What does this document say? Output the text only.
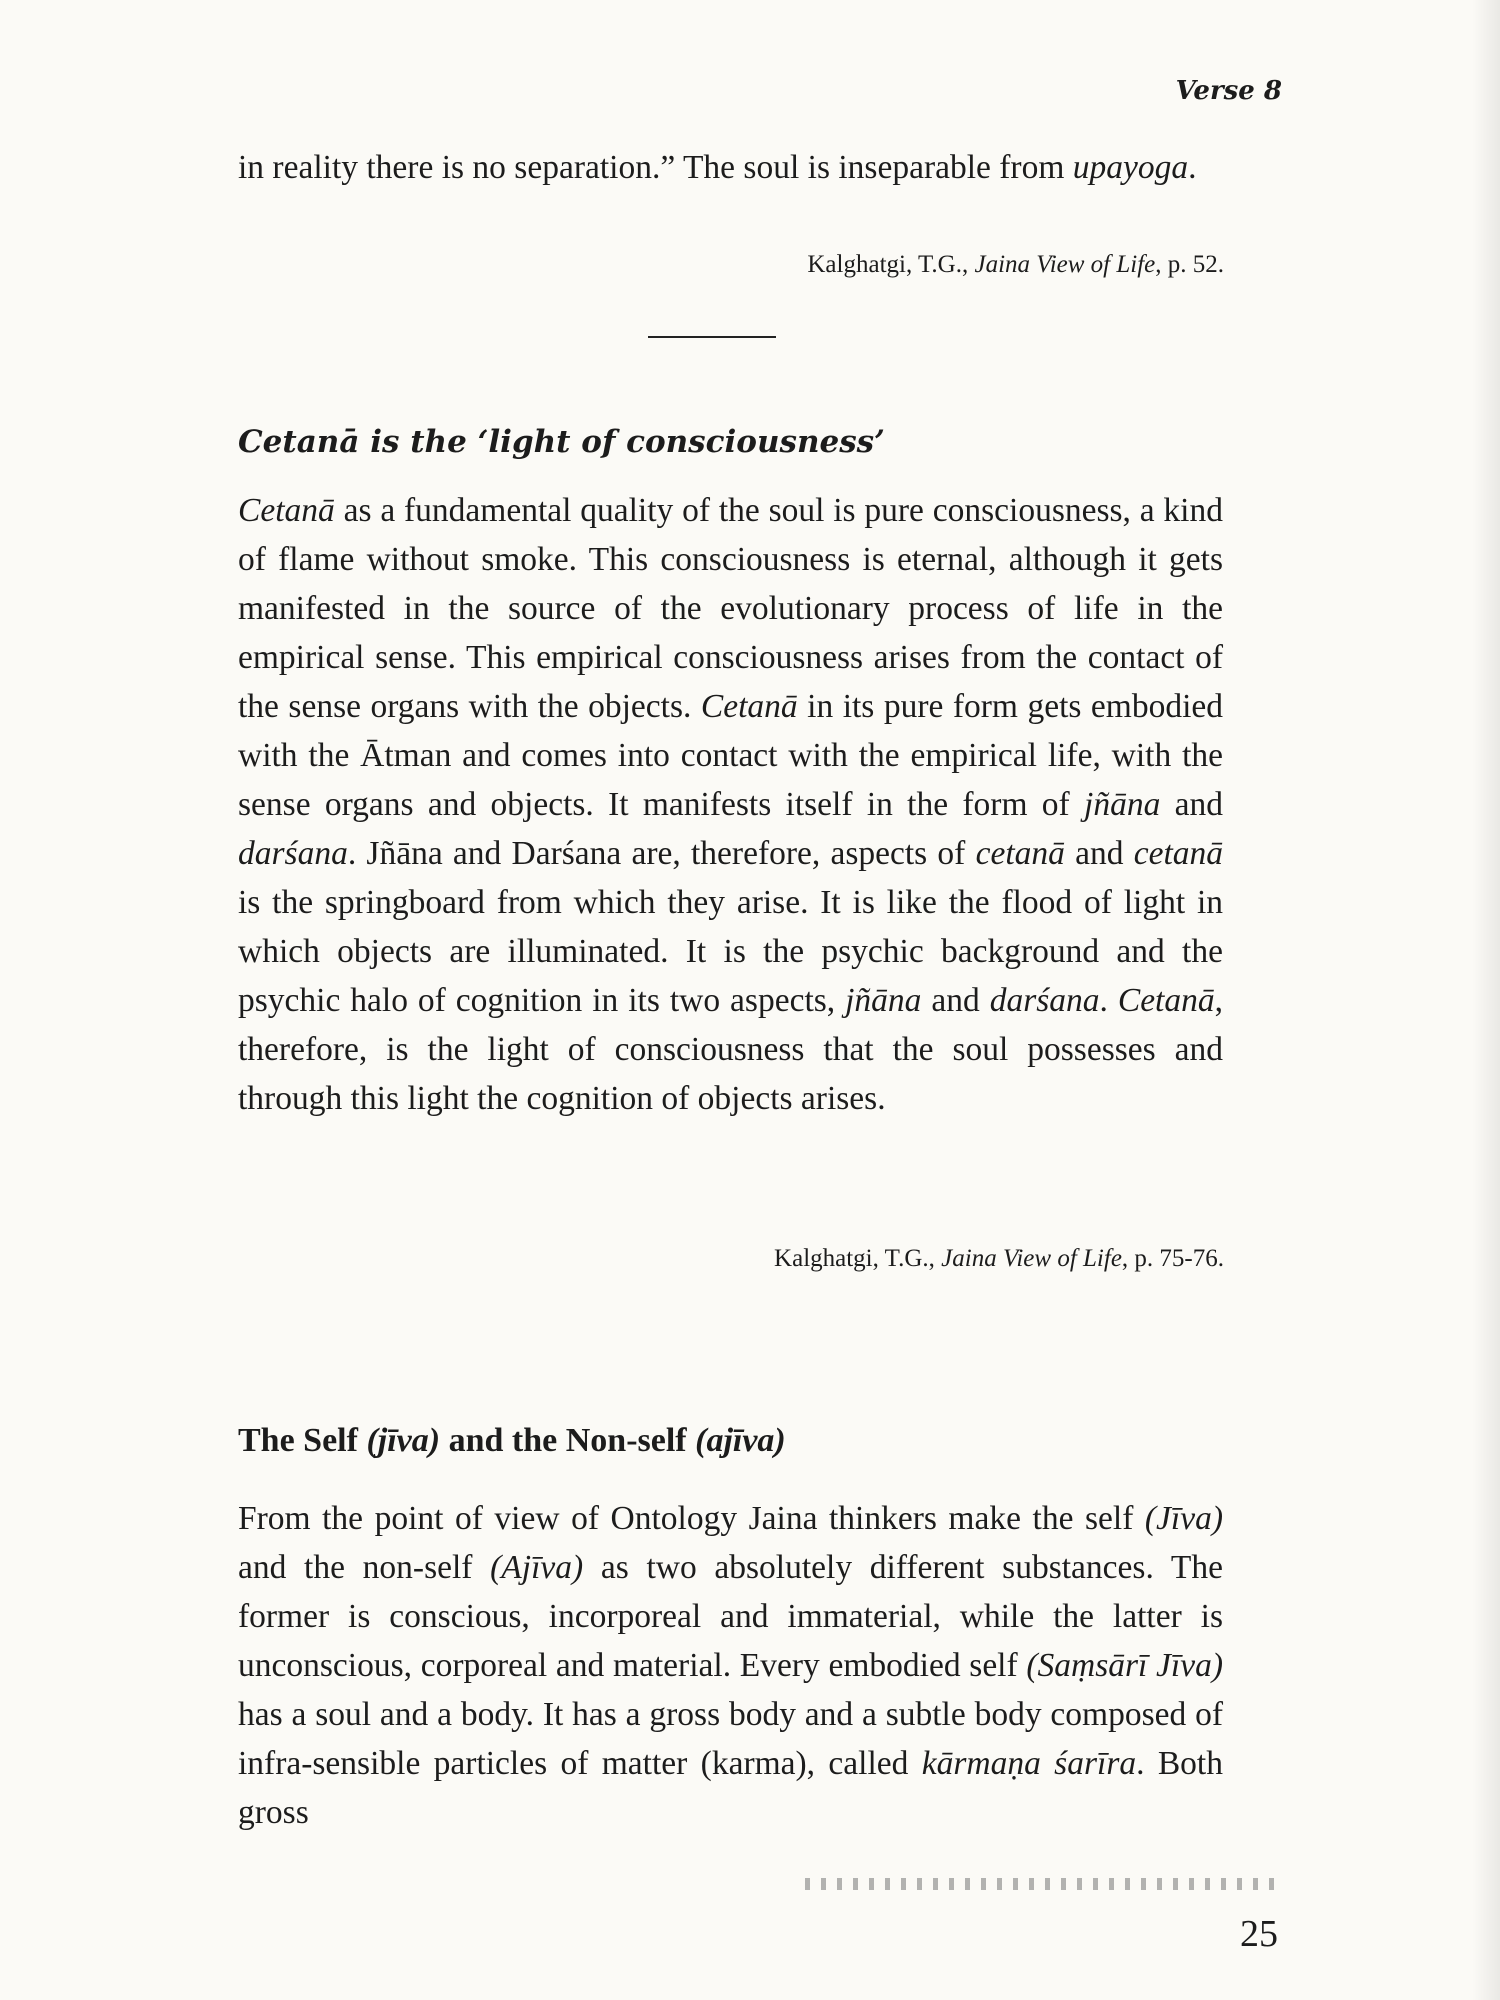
Verse 8

in reality there is no separation.” The soul is inseparable from upayoga.

Kalghatgi, T.G., Jaina View of Life, p. 52.
Cetanā is the ‘light of consciousness’

Cetanā as a fundamental quality of the soul is pure consciousness, a kind of flame without smoke. This consciousness is eternal, although it gets manifested in the source of the evolutionary process of life in the empirical sense. This empirical consciousness arises from the contact of the sense organs with the objects. Cetanā in its pure form gets embodied with the Ātman and comes into contact with the empirical life, with the sense organs and objects. It manifests itself in the form of jñāna and darśana. Jñāna and Darśana are, therefore, aspects of cetanā and cetanā is the springboard from which they arise. It is like the flood of light in which objects are illuminated. It is the psychic background and the psychic halo of cognition in its two aspects, jñāna and darśana. Cetanā, therefore, is the light of consciousness that the soul possesses and through this light the cognition of objects arises.

Kalghatgi, T.G., Jaina View of Life, p. 75-76.
The Self (jīva) and the Non-self (ajīva)

From the point of view of Ontology Jaina thinkers make the self (Jīva) and the non-self (Ajīva) as two absolutely different substances. The former is conscious, incorporeal and immaterial, while the latter is unconscious, corporeal and material. Every embodied self (Saṃsārī Jīva) has a soul and a body. It has a gross body and a subtle body composed of infra-sensible particles of matter (karma), called kārmaṇa śarīra. Both gross

25
